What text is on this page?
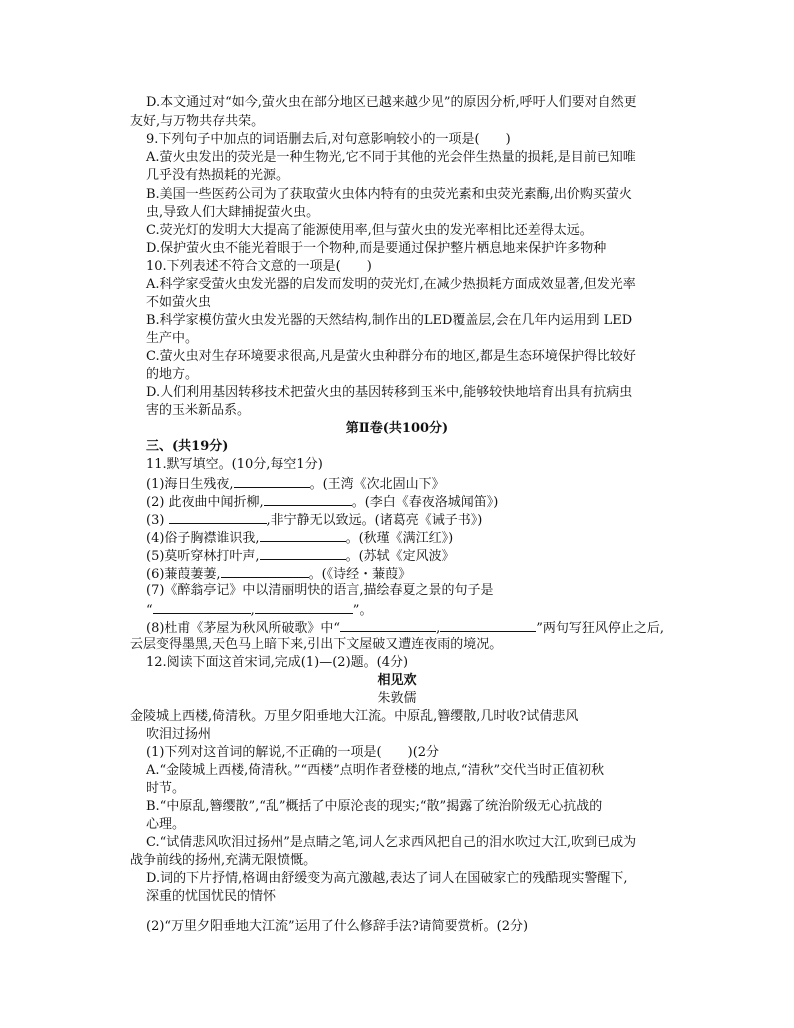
D.本文通过对“如今,萤火虫在部分地区已越来越少见”的原因分析,呼吁人们要对自然更
友好,与万物共存共荣。
9.下列句子中加点的词语删去后,对句意影响较小的一项是(　　)
A.萤火虫发出的荧光是一种生物光,它不同于其他的光会伴生热量的损耗,是目前已知唯
几乎没有热损耗的光源。
B.美国一些医药公司为了获取萤火虫体内特有的虫荧光素和虫荧光素酶,出价购买萤火
虫,导致人们大肆捕捉萤火虫。
C.荧光灯的发明大大提高了能源使用率,但与萤火虫的发光率相比还差得太远。
D.保护萤火虫不能光着眼于一个物种,而是要通过保护整片栖息地来保护许多物种
10.下列表述不符合文意的一项是(　　)
A.科学家受萤火虫发光器的启发而发明的荧光灯,在减少热损耗方面成效显著,但发光率
不如萤火虫
B.科学家模仿萤火虫发光器的天然结构,制作出的LED覆盖层,会在几年内运用到 LED
生产中。
C.萤火虫对生存环境要求很高,凡是萤火虫种群分布的地区,都是生态环境保护得比较好
的地方。
D.人们利用基因转移技术把萤火虫的基因转移到玉米中,能够较快地培育出具有抗病虫
害的玉米新品系。
第Ⅱ卷(共100分)
三、(共19分)
11.默写填空。(10分,每空1分)
(1)海日生残夜,	。(王湾《次北固山下》
(2) 此夜曲中闻折柳,	。(李白《春夜洛城闻笛》)
(3)	,非宁静无以致远。(诸葛亮《诫子书》)
(4)俗子胸襟谁识我,	。(秋瑾《满江红》)
(5)莫听穿林打叶声,	。(苏轼《定风波》
(6)蒹葭萋萋,	。(《诗经・蒹葭》
(7)《醉翁亭记》中以清丽明快的语言,描绘春夏之景的句子是
“	,	”。
(8)杜甫《茅屋为秋风所破歌》中“	,	”两句写狂风停止之后,
云层变得墨黑,天色马上暗下来,引出下文屋破又遭连夜雨的境况。
12.阅读下面这首宋词,完成(1)—(2)题。(4分)
相见欢
朱敦儒
金陵城上西楼,倚清秋。万里夕阳垂地大江流。中原乱,簪缨散,几时收?试倩悲风
吹泪过扬州
(1)下列对这首词的解说,不正确的一项是(　　)(2分
A.“金陵城上西楼,倚清秋。”“西楼”点明作者登楼的地点,“清秋”交代当时正值初秋
时节。
B.“中原乱,簪缨散”,“乱”概括了中原沦丧的现实;“散”揭露了统治阶级无心抗战的
心理。
C.“试倩悲风吹泪过扬州”是点睛之笔,词人乞求西风把自己的泪水吹过大江,吹到已成为
战争前线的扬州,充满无限愤慨。
D.词的下片抒情,格调由舒缓变为高亢激越,表达了词人在国破家亡的残酷现实警醒下,
深重的忧国忧民的情怀
(2)“万里夕阳垂地大江流”运用了什么修辞手法?请简要赏析。(2分)
